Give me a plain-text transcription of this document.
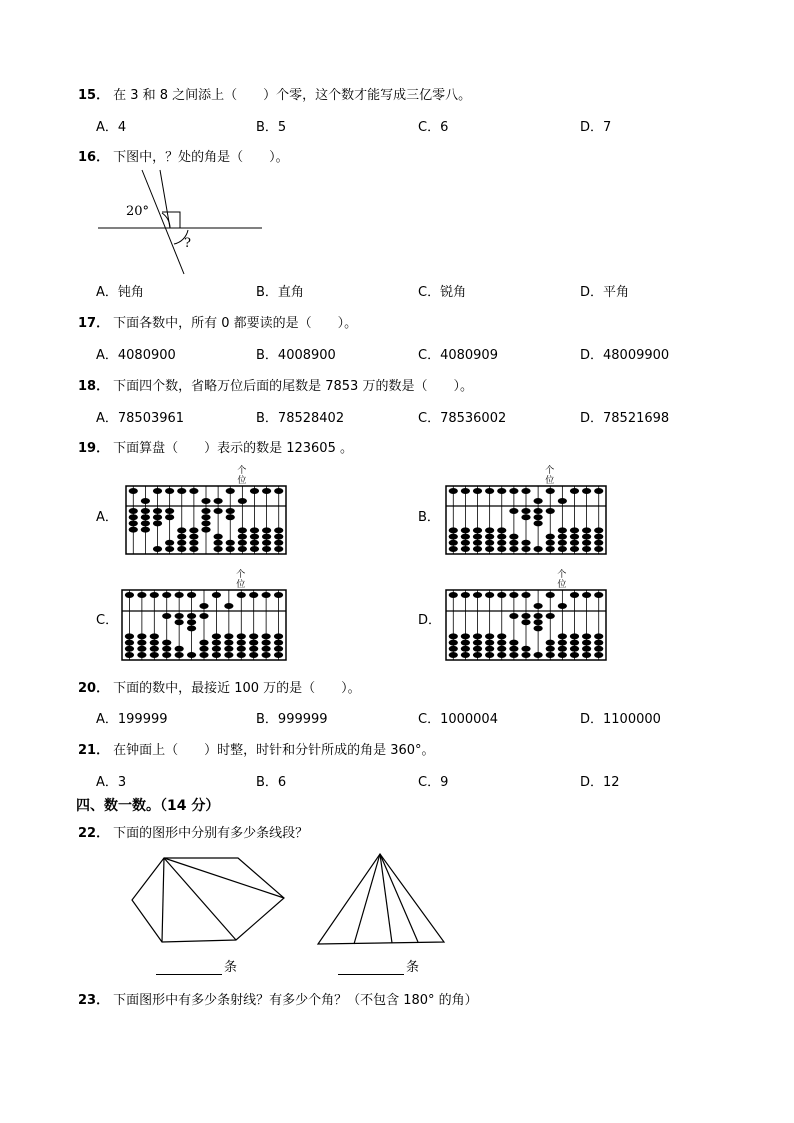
15． 在 3 和 8 之间添上（　　）个零，这个数才能写成三亿零八。
A．4	B．5	C．6	D．7
16． 下图中，？处的角是（　　）。
20°
?
A．钝角	B．直角	C．锐角	D．平角
17． 下面各数中，所有 0 都要读的是（　　）。
A．4080900	B．4008900	C．4080909	D．48009900
18． 下面四个数，省略万位后面的尾数是 7853 万的数是（　　）。
A．78503961	B．78528402	C．78536002	D．78521698
19． 下面算盘（　　）表示的数是 123605 。
A．	B．
C．	D．
个
位
个
位
个
位
个
位
20． 下面的数中，最接近 100 万的是（　　）。
A．199999	B．999999	C．1000004	D．1100000
21． 在钟面上（　　）时整，时针和分针所成的角是 360°。
A．3	B．6	C．9	D．12
四、数一数。（14 分）
22． 下面的图形中分别有多少条线段？
条	条
23． 下面图形中有多少条射线？有多少个角？（不包含 180° 的角）
